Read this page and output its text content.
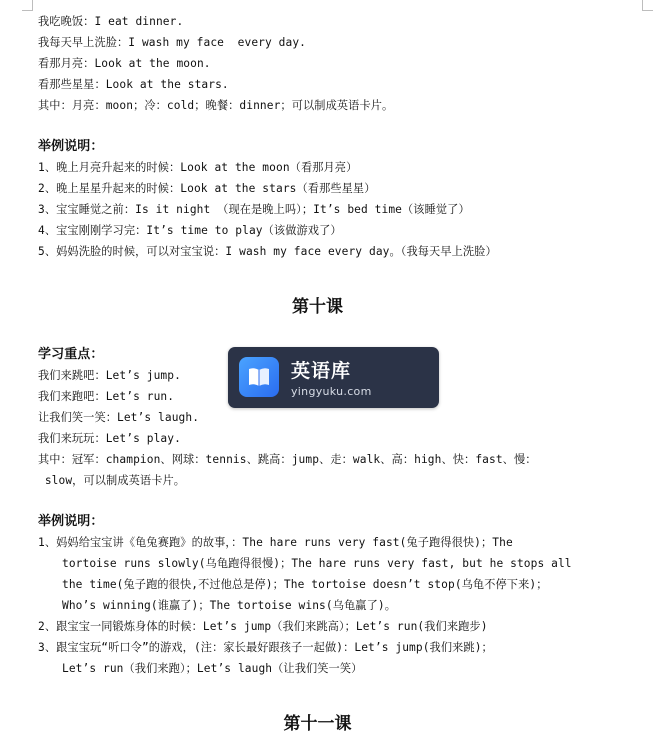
我吃晚饭：I eat dinner.
我每天早上洗脸：I wash my face  every day.
看那月亮：Look at the moon.
看那些星星：Look at the stars.
其中：月亮：moon；冷：cold；晚餐：dinner；可以制成英语卡片。
举例说明：
1、晚上月亮升起来的时候：Look at the moon（看那月亮）
2、晚上星星升起来的时候：Look at the stars（看那些星星）
3、宝宝睡觉之前：Is it night （现在是晚上吗）；It’s bed time（该睡觉了）
4、宝宝刚刚学习完：It’s time to play（该做游戏了）
5、妈妈洗脸的时候，可以对宝宝说：I wash my face every day。（我每天早上洗脸）
第十课
学习重点：
我们来跳吧：Let’s jump.
我们来跑吧：Let’s run.
让我们笑一笑：Let’s laugh.
我们来玩玩：Let’s play.
其中：冠军：champion、网球：tennis、跳高：jump、走：walk、高：high、快：fast、慢：
slow，可以制成英语卡片。
举例说明：
1、妈妈给宝宝讲《龟兔赛跑》的故事，：The hare runs very fast(兔子跑得很快)；The
tortoise runs slowly(乌龟跑得很慢)；The hare runs very fast, but he stops all
the time(兔子跑的很快,不过他总是停)；The tortoise doesn’t stop(乌龟不停下来)；
Who’s winning(谁赢了)；The tortoise wins(乌龟赢了)。
2、跟宝宝一同锻炼身体的时候：Let’s jump（我们来跳高）；Let’s run(我们来跑步)
3、跟宝宝玩“听口令”的游戏，(注：家长最好跟孩子一起做)：Let’s jump(我们来跳)；
Let’s run（我们来跑）；Let’s laugh（让我们笑一笑）
第十一课
英语库
yingyuku.com
